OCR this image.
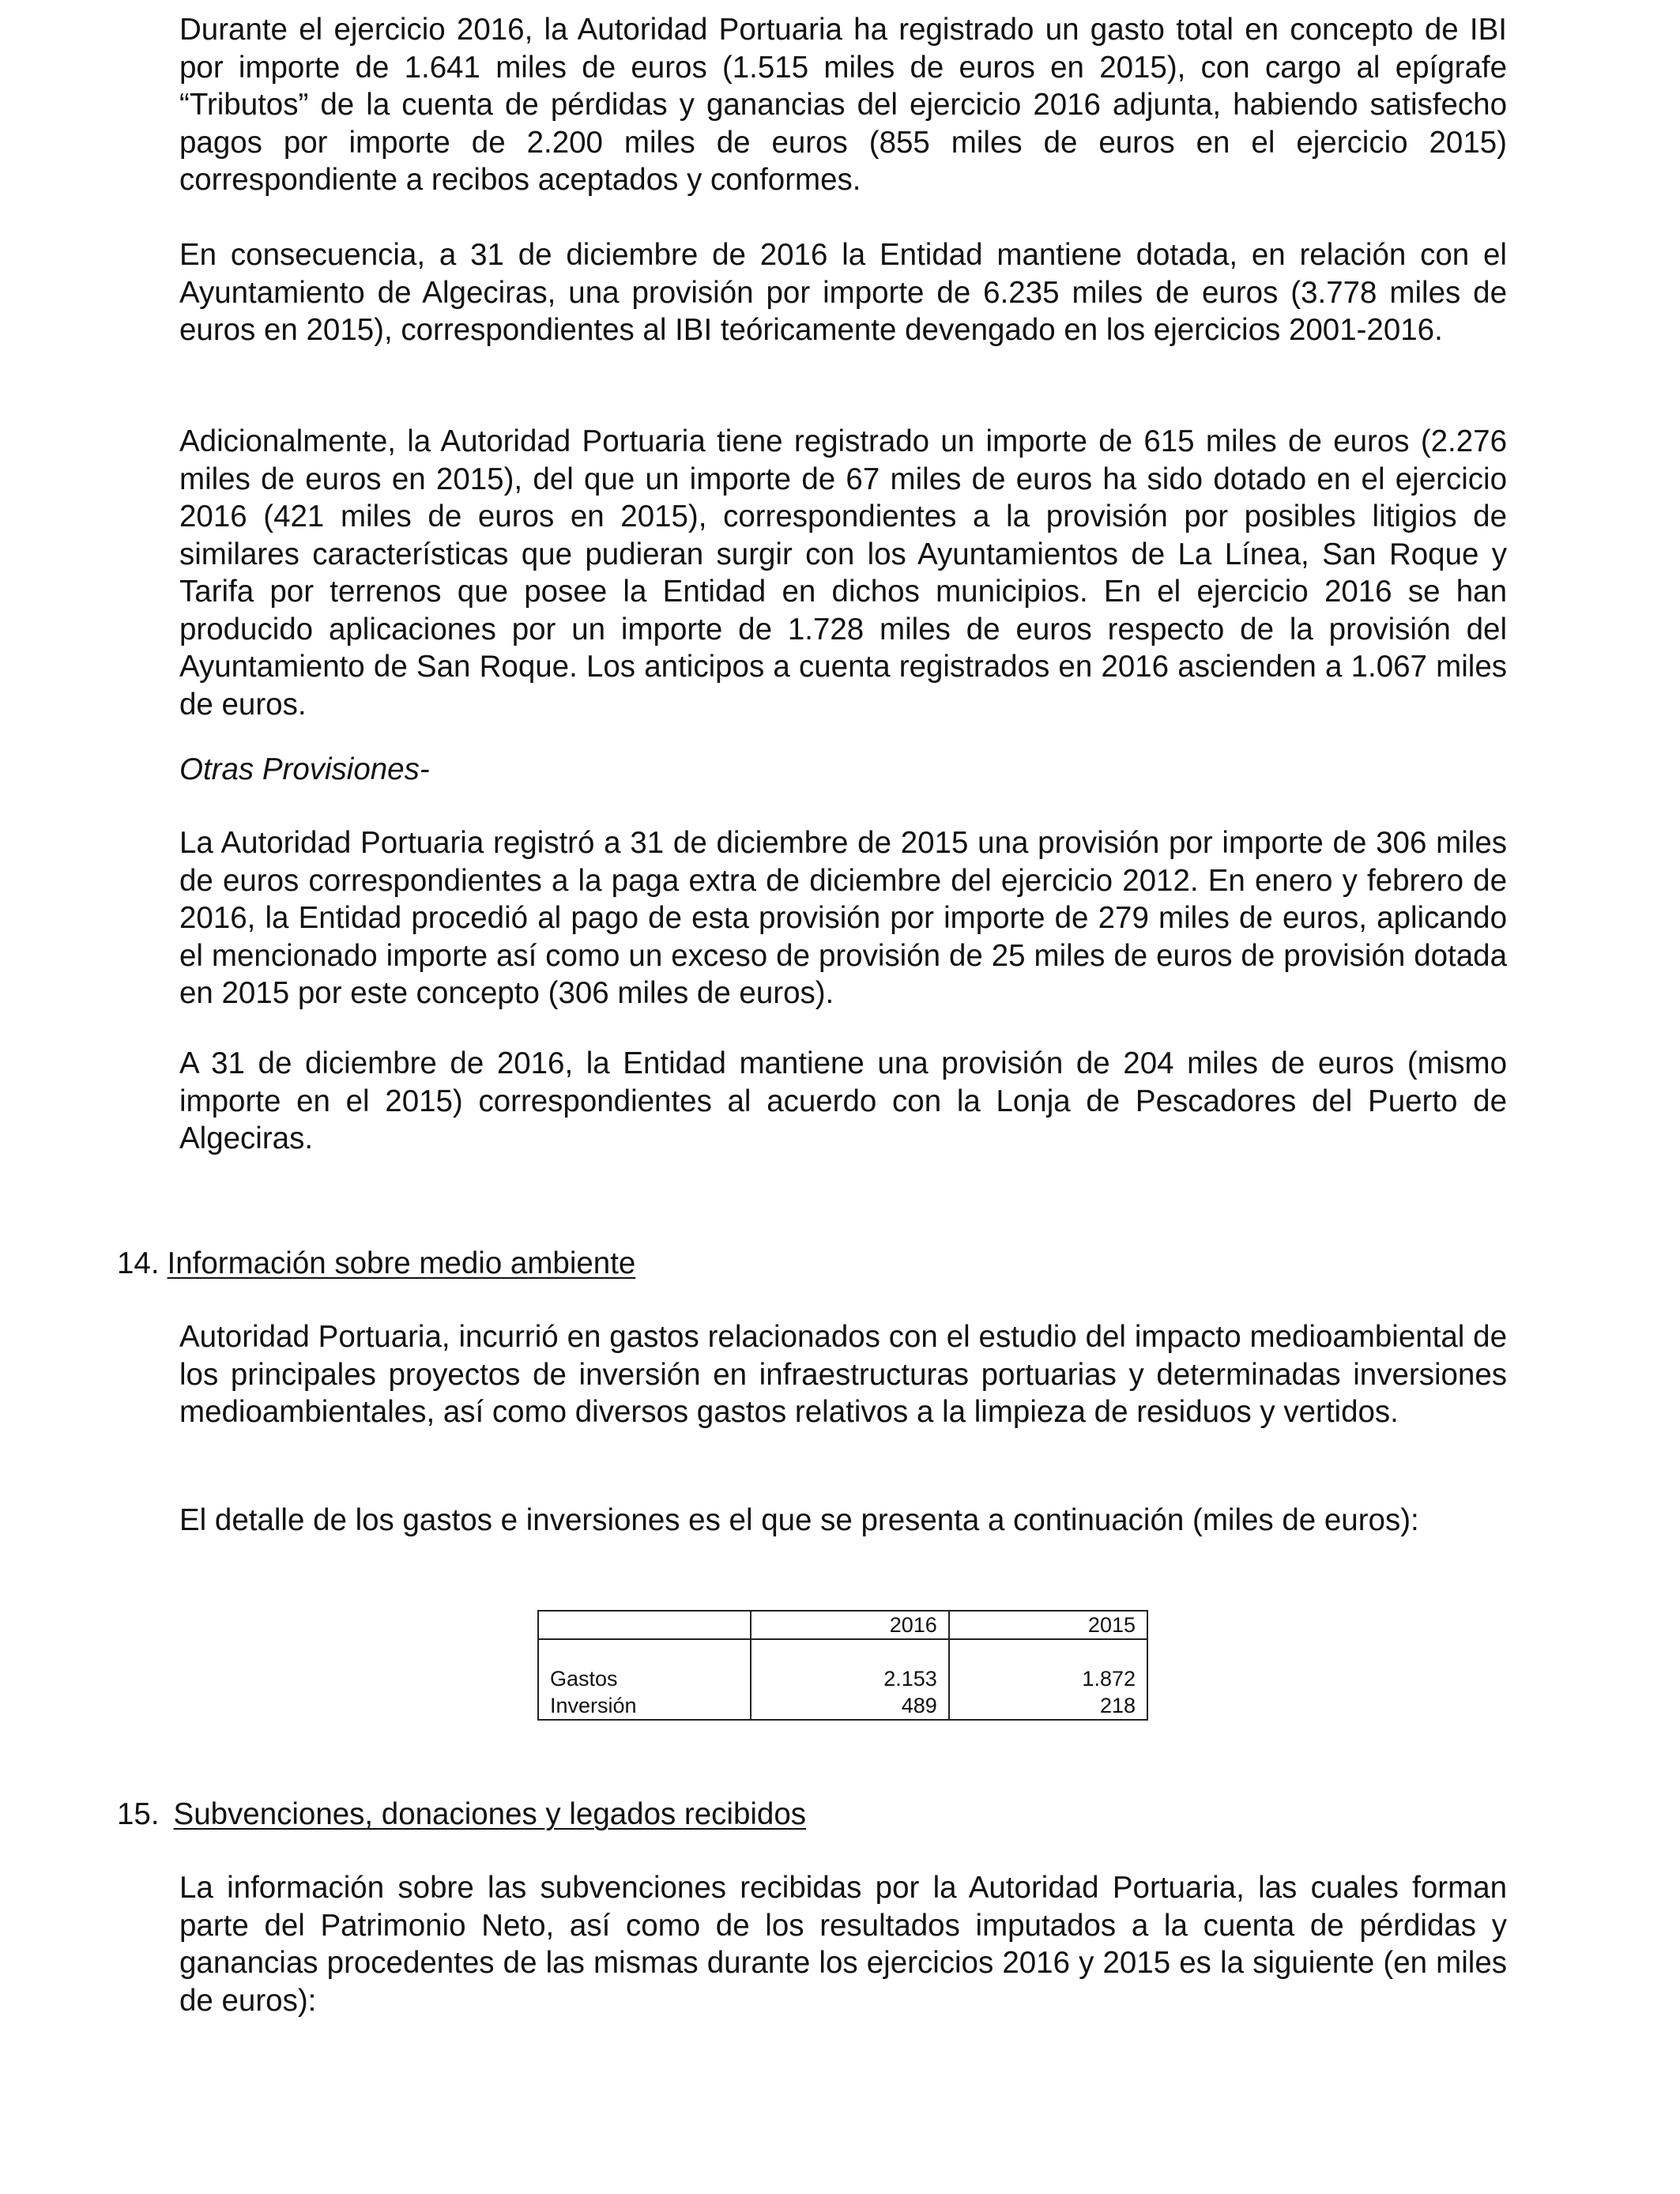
Durante el ejercicio 2016, la Autoridad Portuaria ha registrado un gasto total en concepto de IBI por importe de 1.641 miles de euros (1.515 miles de euros en 2015), con cargo al epígrafe “Tributos” de la cuenta de pérdidas y ganancias del ejercicio 2016 adjunta, habiendo satisfecho pagos por importe de 2.200 miles de euros (855 miles de euros en el ejercicio 2015) correspondiente a recibos aceptados y conformes.

En consecuencia, a 31 de diciembre de 2016 la Entidad mantiene dotada, en relación con el Ayuntamiento de Algeciras, una provisión por importe de 6.235 miles de euros (3.778 miles de euros en 2015), correspondientes al IBI teóricamente devengado en los ejercicios 2001-2016.

Adicionalmente, la Autoridad Portuaria tiene registrado un importe de 615 miles de euros (2.276 miles de euros en 2015), del que un importe de 67 miles de euros ha sido dotado en el ejercicio 2016 (421 miles de euros en 2015), correspondientes a la provisión por posibles litigios de similares características que pudieran surgir con los Ayuntamientos de La Línea, San Roque y Tarifa por terrenos que posee la Entidad en dichos municipios. En el ejercicio 2016 se han producido aplicaciones por un importe de 1.728 miles de euros respecto de la provisión del Ayuntamiento de San Roque. Los anticipos a cuenta registrados en 2016 ascienden a 1.067 miles de euros.

Otras Provisiones-

La Autoridad Portuaria registró a 31 de diciembre de 2015 una provisión por importe de 306 miles de euros correspondientes a la paga extra de diciembre del ejercicio 2012. En enero y febrero de 2016, la Entidad procedió al pago de esta provisión por importe de 279 miles de euros, aplicando el mencionado importe así como un exceso de provisión de 25 miles de euros de provisión dotada en 2015 por este concepto (306 miles de euros).

A 31 de diciembre de 2016, la Entidad mantiene una provisión de 204 miles de euros (mismo importe en el 2015) correspondientes al acuerdo con la Lonja de Pescadores del Puerto de Algeciras.

14. Información sobre medio ambiente

Autoridad Portuaria, incurrió en gastos relacionados con el estudio del impacto medioambiental de los principales proyectos de inversión en infraestructuras portuarias y determinadas inversiones medioambientales, así como diversos gastos relativos a la limpieza de residuos y vertidos.

El detalle de los gastos e inversiones es el que se presenta a continuación (miles de euros):

	2016	2015

Gastos	2.153	1.872
Inversión	489	218
15. Subvenciones, donaciones y legados recibidos

La información sobre las subvenciones recibidas por la Autoridad Portuaria, las cuales forman parte del Patrimonio Neto, así como de los resultados imputados a la cuenta de pérdidas y ganancias procedentes de las mismas durante los ejercicios 2016 y 2015 es la siguiente (en miles de euros):
